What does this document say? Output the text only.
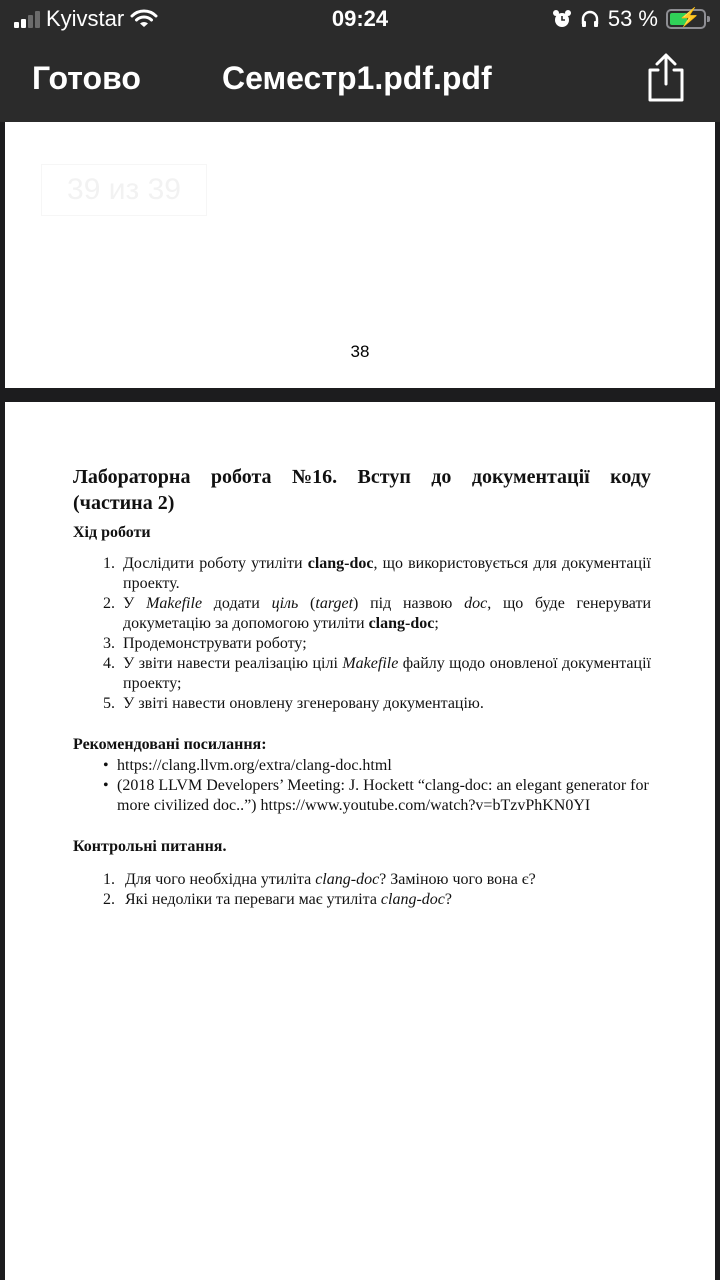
Kyivstar	09:24	53 % ⚡
Готово	Семестр1.pdf.pdf
39 из 39
38
Лабораторна робота №16. Вступ до документації коду
(частина 2)
Хід роботи
1. Дослідити роботу утиліти clang-doc, що використовується для документації проекту.
2. У Makefile додати ціль (target) під назвою doc, що буде генерувати докуметацію за допомогою утиліти clang-doc;
3. Продемонструвати роботу;
4. У звіти навести реалізацію цілі Makefile файлу щодо оновленої документації проекту;
5. У звіті навести оновлену згенеровану документацію.
Рекомендовані посилання:
• https://clang.llvm.org/extra/clang-doc.html
• (2018 LLVM Developers’ Meeting: J. Hockett “clang-doc: an elegant generator for more civilized doc..”) https://www.youtube.com/watch?v=bTzvPhKN0YI
Контрольні питання.
1. Для чого необхідна утиліта clang-doc? Заміною чого вона є?
2. Які недоліки та переваги має утиліта clang-doc?
